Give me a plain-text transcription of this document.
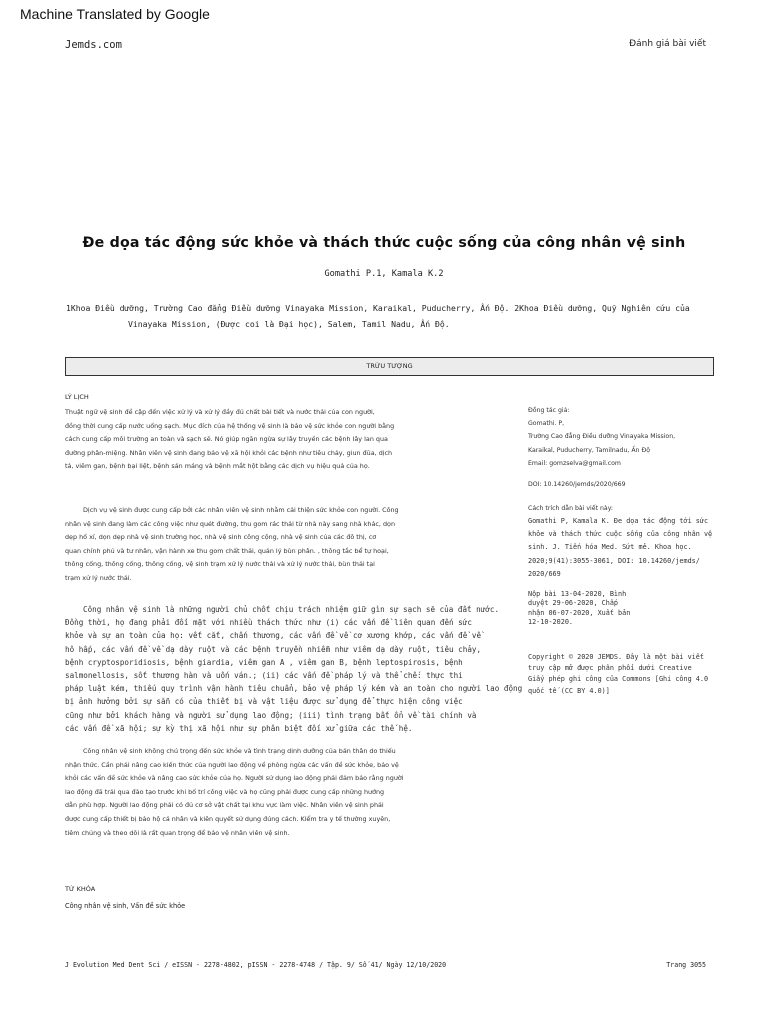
Machine Translated by Google
Jemds.com	Đánh giá bài viết
Đe dọa tác động sức khỏe và thách thức cuộc sống của công nhân vệ sinh
Gomathi P.1, Kamala K.2
1Khoa Điều dưỡng, Trường Cao đẳng Điều dưỡng Vinayaka Mission, Karaikal, Puducherry, Ấn Độ. 2Khoa Điều dưỡng, Quỹ Nghiên cứu của
Vinayaka Mission, (Được coi là Đại học), Salem, Tamil Nadu, Ấn Độ.
TRỪU TƯỢNG
LÝ LỊCH
Thuật ngữ vệ sinh đề cập đến việc xử lý và xử lý đầy đủ chất bài tiết và nước thải của con người,
đồng thời cung cấp nước uống sạch. Mục đích của hệ thống vệ sinh là bảo vệ sức khỏe con người bằng
cách cung cấp môi trường an toàn và sạch sẽ. Nó giúp ngăn ngừa sự lây truyền các bệnh lây lan qua
đường phân-miệng. Nhân viên vệ sinh đang bảo vệ xã hội khỏi các bệnh như tiêu chảy, giun đũa, dịch
tả, viêm gan, bệnh bại liệt, bệnh sán máng và bệnh mắt hột bằng các dịch vụ hiệu quả của họ.
Dịch vụ vệ sinh được cung cấp bởi các nhân viên vệ sinh nhằm cải thiện sức khỏe con người. Công
nhân vệ sinh đang làm các công việc như quét đường, thu gom rác thải từ nhà này sang nhà khác, dọn
dẹp hố xí, dọn dẹp nhà vệ sinh trường học, nhà vệ sinh công cộng, nhà vệ sinh của các đô thị, cơ
quan chính phủ và tư nhân, vận hành xe thu gom chất thải, quản lý bùn phân. , thông tắc bể tự hoại,
thông cống, thông cống, thông cống, vệ sinh trạm xử lý nước thải và xử lý nước thải, bùn thải tại
trạm xử lý nước thải.
Công nhân vệ sinh là những người chủ chốt chịu trách nhiệm giữ gìn sự sạch sẽ của đất nước.
Đồng thời, họ đang phải đối mặt với nhiều thách thức như (i) các vấn đề liên quan đến sức
khỏe và sự an toàn của họ: vết cắt, chấn thương, các vấn đề về cơ xương khớp, các vấn đề về
hô hấp, các vấn đề về dạ dày ruột và các bệnh truyền nhiễm như viêm dạ dày ruột, tiêu chảy,
bệnh cryptosporidiosis, bệnh giardia, viêm gan A , viêm gan B, bệnh leptospirosis, bệnh
salmonellosis, sốt thương hàn và uốn ván.; (ii) các vấn đề pháp lý và thể chế: thực thi
pháp luật kém, thiếu quy trình vận hành tiêu chuẩn, bảo vệ pháp lý kém và an toàn cho người lao động
bị ảnh hưởng bởi sự sẵn có của thiết bị và vật liệu được sử dụng để thực hiện công việc
cũng như bởi khách hàng và người sử dụng lao động; (iii) tình trạng bất ổn về tài chính và
các vấn đề xã hội; sự kỳ thị xã hội như sự phân biệt đối xử giữa các thế hệ.
Công nhân vệ sinh không chú trọng đến sức khỏe và tình trạng dinh dưỡng của bản thân do thiếu
nhận thức. Cần phải nâng cao kiến thức của người lao động về phòng ngừa các vấn đề sức khỏe, bảo vệ
khỏi các vấn đề sức khỏe và nâng cao sức khỏe của họ. Người sử dụng lao động phải đảm bảo rằng người
lao động đã trải qua đào tạo trước khi bố trí công việc và họ cũng phải được cung cấp những hướng
dẫn phù hợp. Người lao động phải có đủ cơ sở vật chất tại khu vực làm việc. Nhân viên vệ sinh phải
được cung cấp thiết bị bảo hộ cá nhân và kiên quyết sử dụng đúng cách. Kiểm tra y tế thường xuyên,
tiêm chủng và theo dõi là rất quan trọng để bảo vệ nhân viên vệ sinh.
TỪ KHÓA
Công nhân vệ sinh, Vấn đề sức khỏe
Đồng tác giả:
Gomathi. P,
Trường Cao đẳng Điều dưỡng Vinayaka Mission,
Karaikal, Puducherry, Tamilnadu, Ấn Độ
Email: gomzselva@gmail.com
DOI: 10.14260/jemds/2020/669
Cách trích dẫn bài viết này:
Gomathi P, Kamala K. Đe dọa tác động tới sức
khỏe và thách thức cuộc sống của công nhân vệ
sinh. J. Tiến hóa Med. Sứt mẻ. Khoa học.
2020;9(41):3055-3061, DOI: 10.14260/jemds/
2020/669
Nộp bài 13-04-2020, Bình
duyệt 29-06-2020, Chấp
nhận 06-07-2020, Xuất bản
12-10-2020.
Copyright © 2020 JEMDS. Đây là một bài viết
truy cập mở được phân phối dưới Creative
Giấy phép ghi công của Commons [Ghi công 4.0
quốc tế (CC BY 4.0)]
J Evolution Med Dent Sci / eISSN - 2278-4802, pISSN - 2278-4748 / Tập. 9/ Số 41/ Ngày 12/10/2020	Trang 3055
